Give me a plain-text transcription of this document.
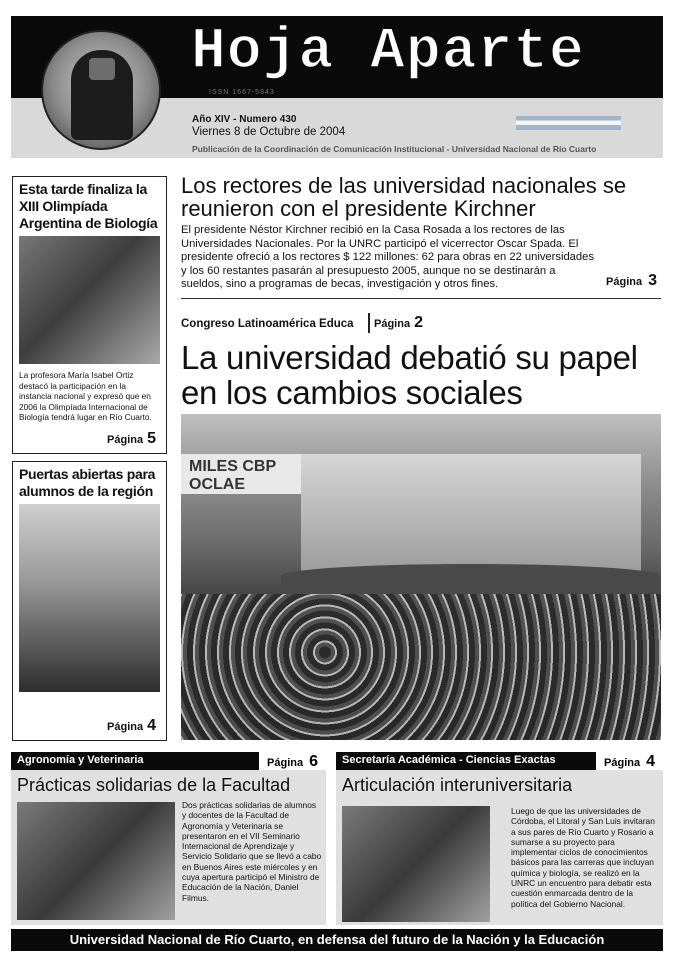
Hoja Aparte
ISSN 1667-5843
Año XIV - Numero 430
Viernes 8 de Octubre de 2004
Publicación de la Coordinación de Comunicación Institucional - Universidad Nacional de Río Cuarto
Esta tarde finaliza la XIII Olimpíada Argentina de Biología
La profesora María Isabel Ortiz destacó la participación en la instancia nacional y expresó que en 2006 la Olimpíada Internacional de Biología tendrá lugar en Río Cuarto.
Página 5
Puertas abiertas para alumnos de la región
Página 4
Los rectores de las universidad nacionales se reunieron con el presidente Kirchner
El presidente Néstor Kirchner recibió en la Casa Rosada a los rectores de las Universidades Nacionales. Por la UNRC participó el vicerrector Oscar Spada. El presidente ofreció a los rectores $ 122 millones: 62 para obras en 22 universidades y los 60 restantes pasarán al presupuesto 2005, aunque no se destinarán a sueldos, sino a programas de becas, investigación y otros fines.	Página 3
Congreso Latinoamérica Educa Página 2
La universidad debatió su papel en los cambios sociales
MILES CBP OCLAE
Agronomía y Veterinaria	Página 6
Prácticas solidarias de la Facultad
Dos prácticas solidarias de alumnos y docentes de la Facultad de Agronomía y Veterinaria se presentaron en el VII Seminario Internacional de Aprendizaje y Servicio Solidario que se llevó a cabo en Buenos Aires este miércoles y en cuya apertura participó el Ministro de Educación de la Nación, Daniel Filmus.
Secretaría Académica - Ciencias Exactas	Página 4
Articulación interuniversitaria
Luego de que las universidades de Córdoba, el Litoral y San Luis invitaran a sus pares de Río Cuarto y Rosario a sumarse a su proyecto para implementar ciclos de conocimientos básicos para las carreras que incluyan química y biología, se realizó en la UNRC un encuentro para debatir esta cuestión enmarcada dentro de la política del Gobierno Nacional.
Universidad Nacional de Río Cuarto, en defensa del futuro de la Nación y la Educación
